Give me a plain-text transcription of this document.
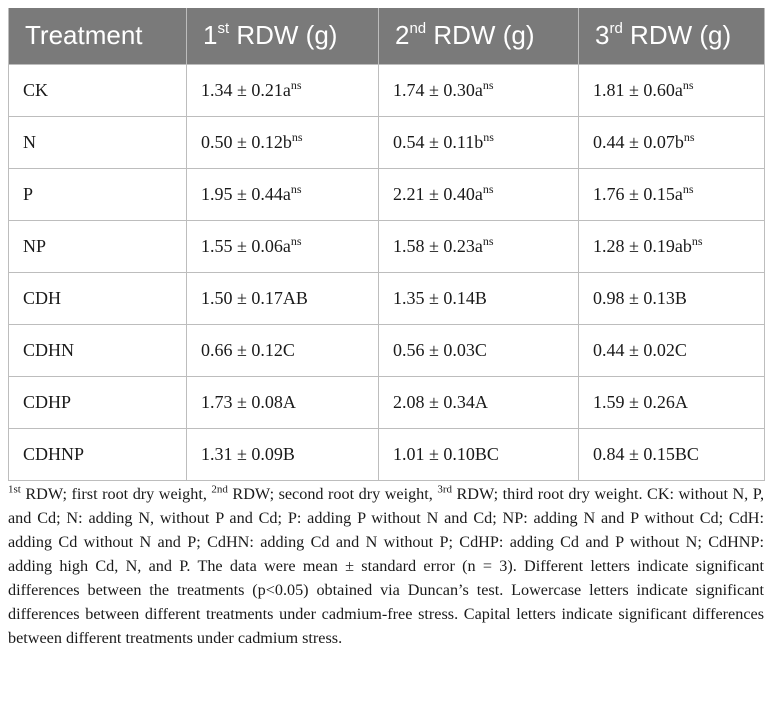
Treatment	1st RDW (g)	2nd RDW (g)	3rd RDW (g)
CK	$1.34 \pm 0.21a^{ns}$	$1.74 \pm 0.30a^{ns}$	$1.81 \pm 0.60a^{ns}$
N	$0.50 \pm 0.12b^{ns}$	$0.54 \pm 0.11b^{ns}$	$0.44 \pm 0.07b^{ns}$
P	$1.95 \pm 0.44a^{ns}$	$2.21 \pm 0.40a^{ns}$	$1.76 \pm 0.15a^{ns}$
NP	$1.55 \pm 0.06a^{ns}$	$1.58 \pm 0.23a^{ns}$	$1.28 \pm 0.19ab^{ns}$
CDH	1.50 ± 0.17AB	1.35 ± 0.14B	0.98 ± 0.13B
CDHN	0.66 ± 0.12C	0.56 ± 0.03C	0.44 ± 0.02C
CDHP	1.73 ± 0.08A	2.08 ± 0.34A	1.59 ± 0.26A
CDHNP	1.31 ± 0.09B	1.01 ± 0.10BC	0.84 ± 0.15BC

$^{1st}$ RDW; first root dry weight, $^{2nd}$ RDW; second root dry weight, $^{3rd}$ RDW; third root dry weight. CK: without N, P, and Cd; N: adding N, without P and Cd; P: adding P without N and Cd; NP: adding N and P without Cd; CdH: adding Cd without N and P; CdHN: adding Cd and N without P; CdHP: adding Cd and P without N; CdHNP: adding high Cd, N, and P. The data were mean ± standard error (n = 3). Different letters indicate significant differences between the treatments (p<0.05) obtained via Duncan’s test. Lowercase letters indicate significant differences between different treatments under cadmium-free stress. Capital letters indicate significant differences between different treatments under cadmium stress.
